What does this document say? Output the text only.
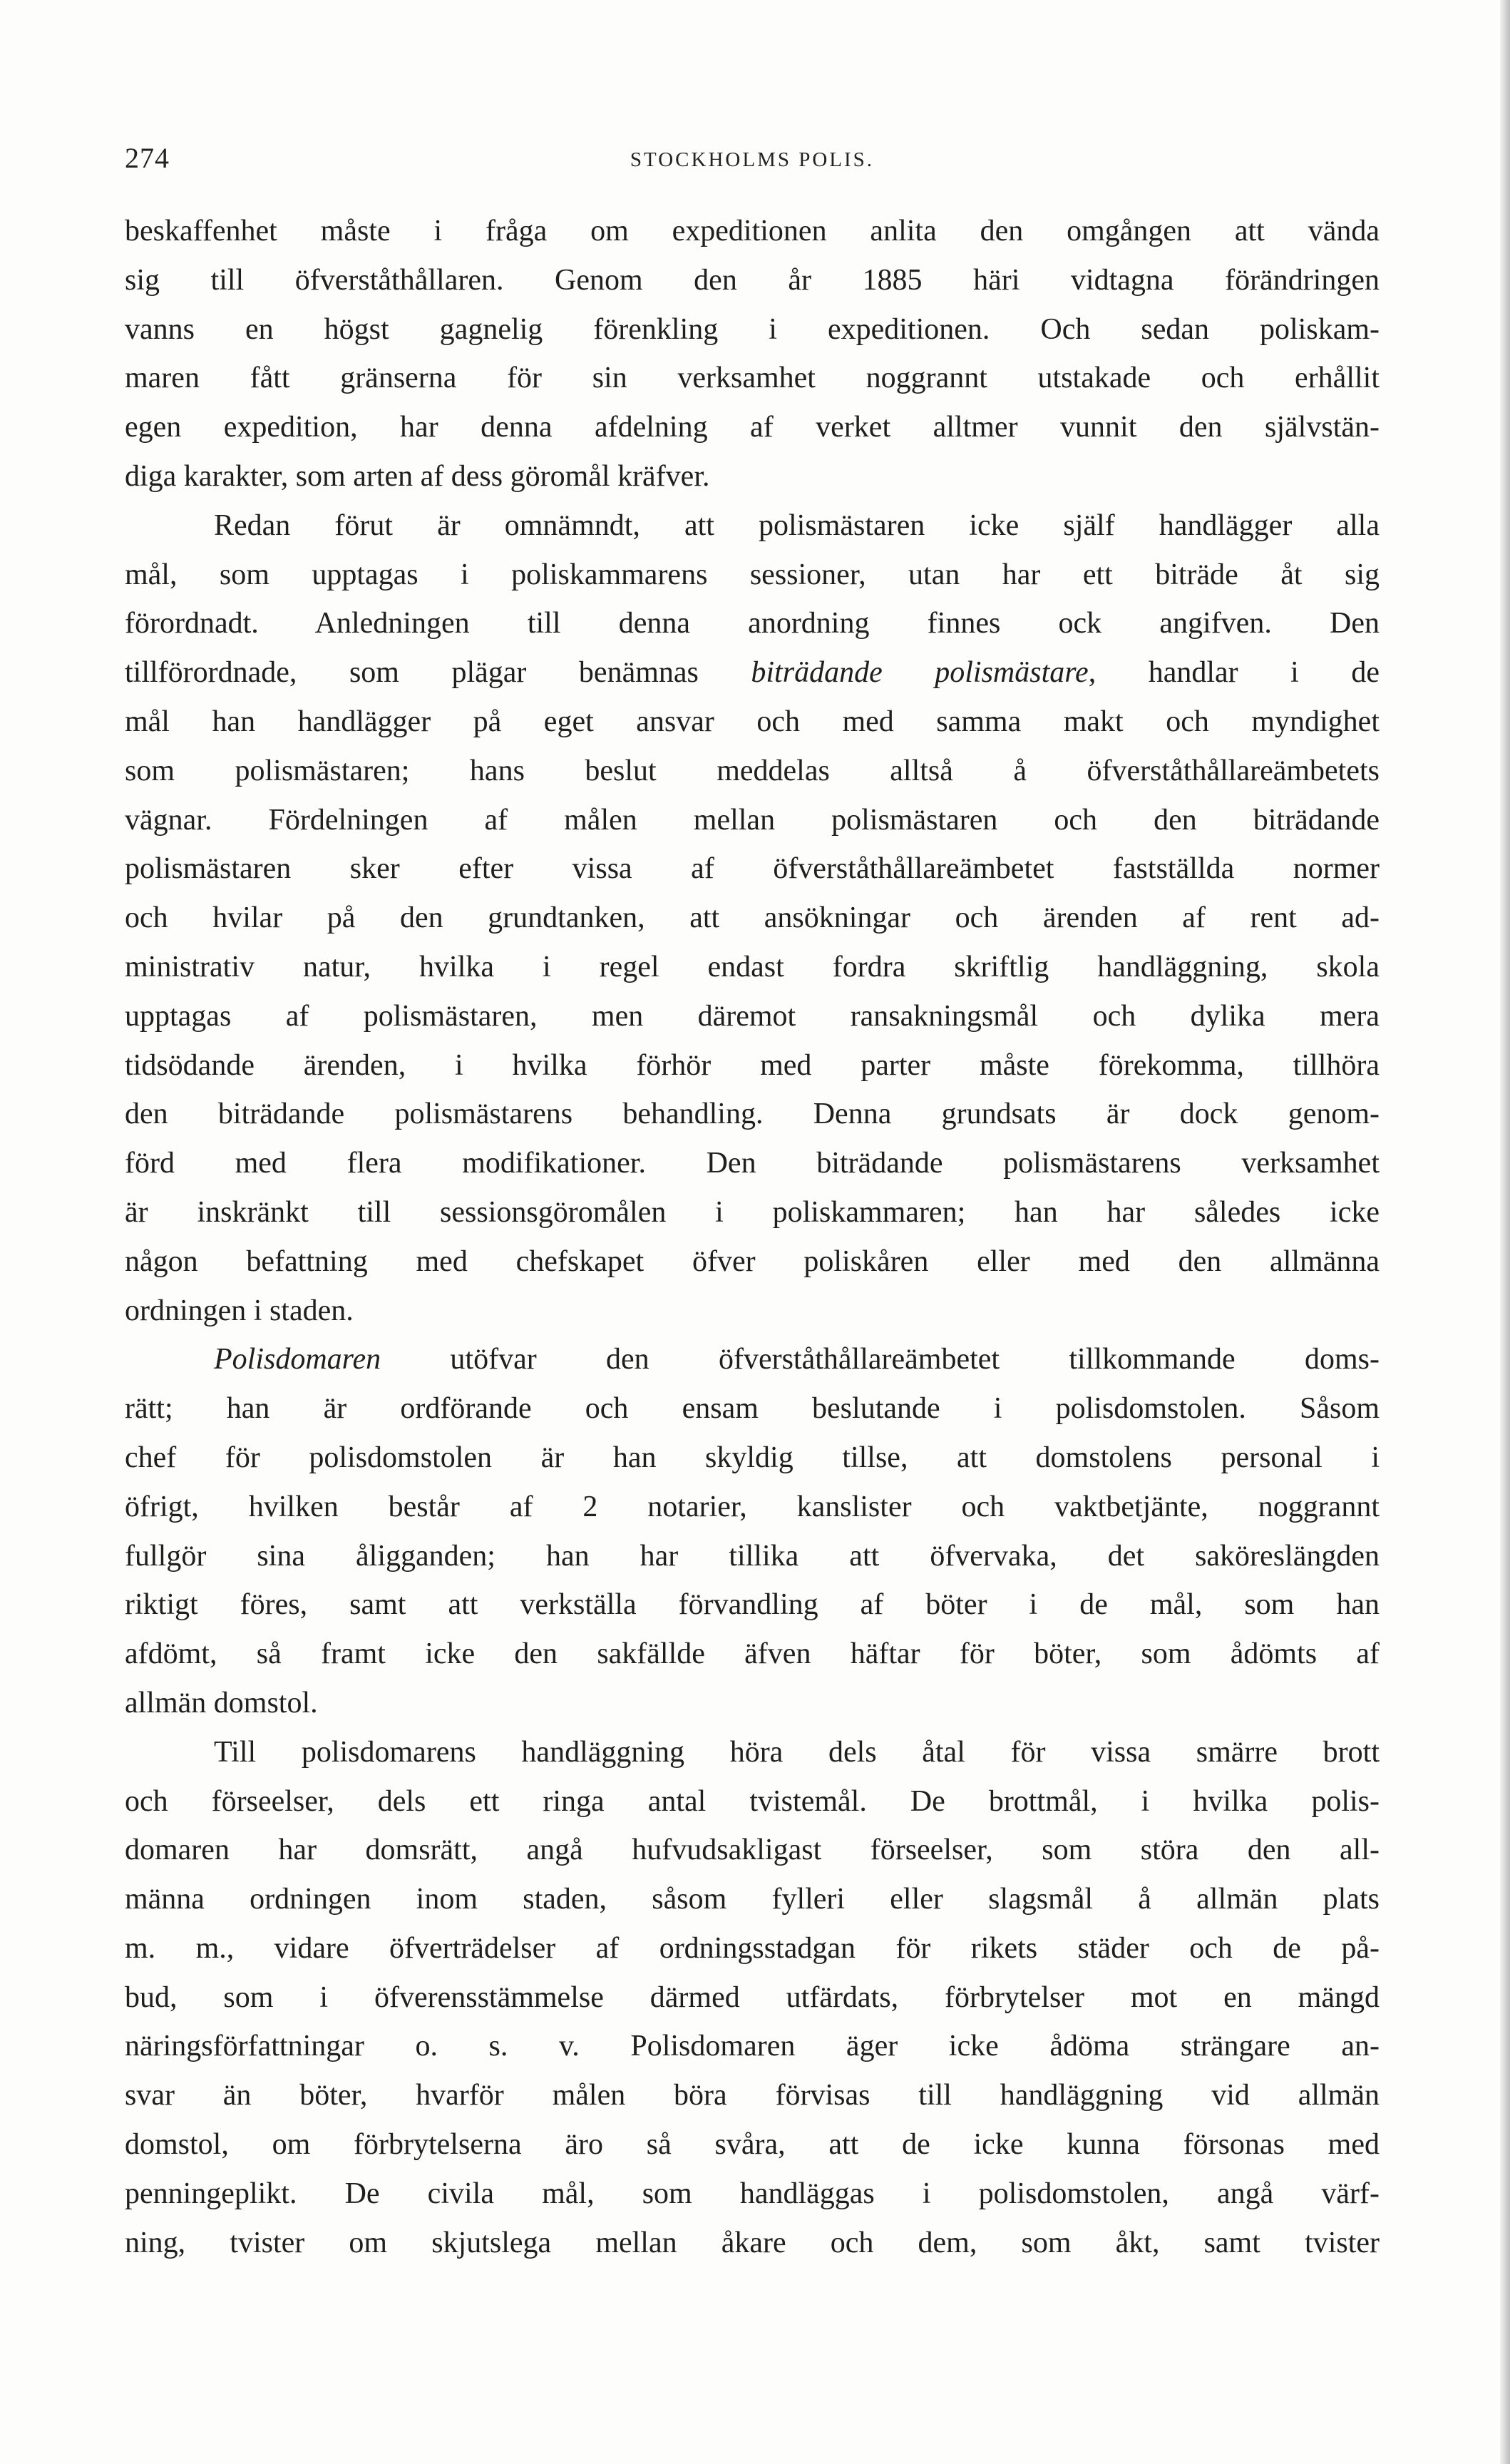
274	STOCKHOLMS POLIS.
beskaffenhet måste i fråga om expeditionen anlita den omgången att vända
sig till öfverståthållaren. Genom den år 1885 häri vidtagna förändringen
vanns en högst gagnelig förenkling i expeditionen. Och sedan poliskam-
maren fått gränserna för sin verksamhet noggrannt utstakade och erhållit
egen expedition, har denna afdelning af verket alltmer vunnit den självstän-
diga karakter, som arten af dess göromål kräfver.
Redan förut är omnämndt, att polismästaren icke själf handlägger alla
mål, som upptagas i poliskammarens sessioner, utan har ett biträde åt sig
förordnadt. Anledningen till denna anordning finnes ock angifven. Den
tillförordnade, som plägar benämnas biträdande polismästare, handlar i de
mål han handlägger på eget ansvar och med samma makt och myndighet
som polismästaren; hans beslut meddelas alltså å öfverståthållareämbetets
vägnar. Fördelningen af målen mellan polismästaren och den biträdande
polismästaren sker efter vissa af öfverståthållareämbetet fastställda normer
och hvilar på den grundtanken, att ansökningar och ärenden af rent ad-
ministrativ natur, hvilka i regel endast fordra skriftlig handläggning, skola
upptagas af polismästaren, men däremot ransakningsmål och dylika mera
tidsödande ärenden, i hvilka förhör med parter måste förekomma, tillhöra
den biträdande polismästarens behandling. Denna grundsats är dock genom-
förd med flera modifikationer. Den biträdande polismästarens verksamhet
är inskränkt till sessionsgöromålen i poliskammaren; han har således icke
någon befattning med chefskapet öfver poliskåren eller med den allmänna
ordningen i staden.
Polisdomaren utöfvar den öfverståthållareämbetet tillkommande doms-
rätt; han är ordförande och ensam beslutande i polisdomstolen. Såsom
chef för polisdomstolen är han skyldig tillse, att domstolens personal i
öfrigt, hvilken består af 2 notarier, kanslister och vaktbetjänte, noggrannt
fullgör sina åligganden; han har tillika att öfvervaka, det saköreslängden
riktigt föres, samt att verkställa förvandling af böter i de mål, som han
afdömt, så framt icke den sakfällde äfven häftar för böter, som ådömts af
allmän domstol.
Till polisdomarens handläggning höra dels åtal för vissa smärre brott
och förseelser, dels ett ringa antal tvistemål. De brottmål, i hvilka polis-
domaren har domsrätt, angå hufvudsakligast förseelser, som störa den all-
männa ordningen inom staden, såsom fylleri eller slagsmål å allmän plats
m. m., vidare öfverträdelser af ordningsstadgan för rikets städer och de på-
bud, som i öfverensstämmelse därmed utfärdats, förbrytelser mot en mängd
näringsförfattningar o. s. v. Polisdomaren äger icke ådöma strängare an-
svar än böter, hvarför målen böra förvisas till handläggning vid allmän
domstol, om förbrytelserna äro så svåra, att de icke kunna försonas med
penningeplikt. De civila mål, som handläggas i polisdomstolen, angå värf-
ning, tvister om skjutslega mellan åkare och dem, som åkt, samt tvister
